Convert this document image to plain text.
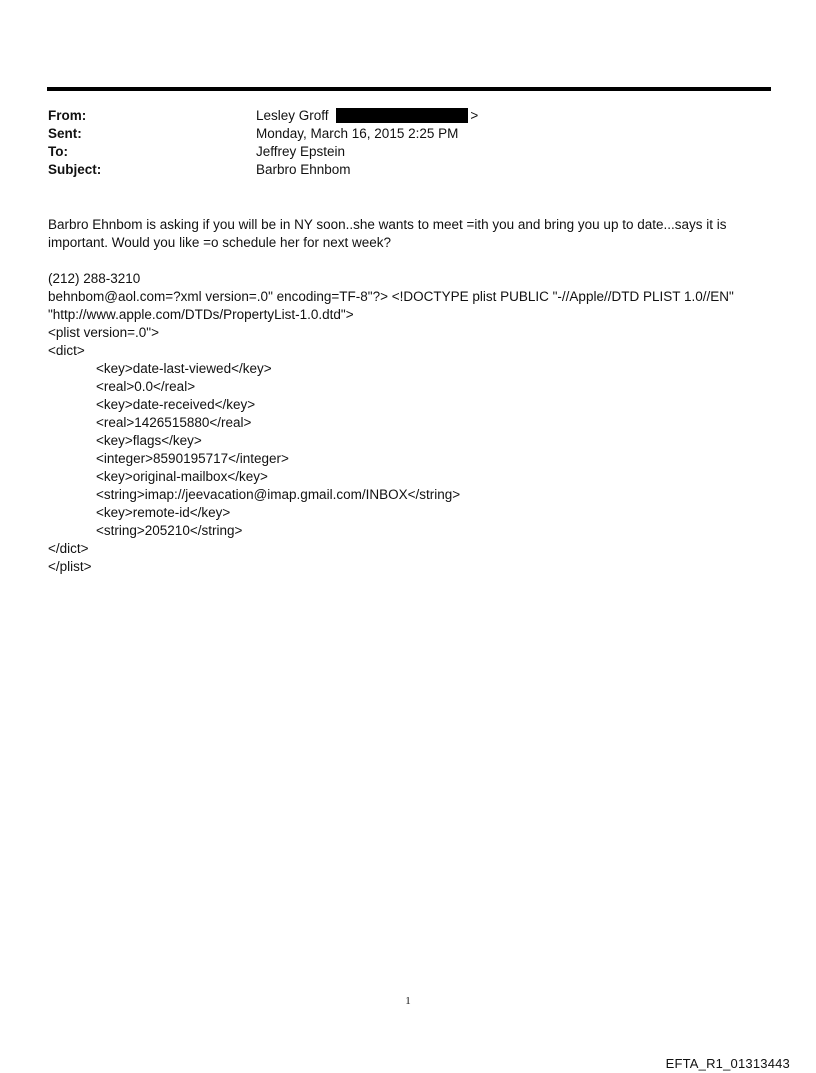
From:	Lesley Groff	>
Sent:	Monday, March 16, 2015 2:25 PM
To:	Jeffrey Epstein
Subject:	Barbro Ehnbom
Barbro Ehnbom is asking if you will be in NY soon..she wants to meet =ith you and bring you up to date...says it is
important. Would you like =o schedule her for next week?
(212) 288-3210
behnbom@aol.com=?xml version=.0" encoding=TF-8"?> <!DOCTYPE plist PUBLIC "-//Apple//DTD PLIST 1.0//EN"
"http://www.apple.com/DTDs/PropertyList-1.0.dtd">
<plist version=.0">
<dict>
<key>date-last-viewed</key>
<real>0.0</real>
<key>date-received</key>
<real>1426515880</real>
<key>flags</key>
<integer>8590195717</integer>
<key>original-mailbox</key>
<string>imap://jeevacation@imap.gmail.com/INBOX</string>
<key>remote-id</key>
<string>205210</string>
</dict>
</plist>
1
EFTA_R1_01313443
